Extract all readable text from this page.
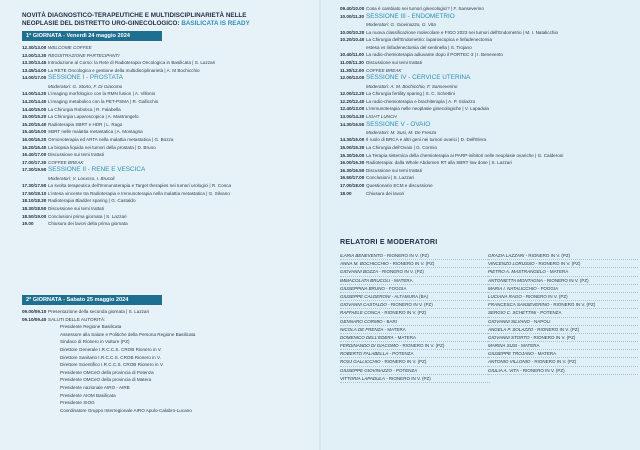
NOVITÀ DIAGNOSTICO-TERAPEUTICHE E MULTIDISCIPLINARIETÀ NELLE
NEOPLASIE DEL DISTRETTO URO-GINECOLOGICO: BASILICATA IS READY
1ª GIORNATA - Venerdì 24 maggio 2024
12.30/13.00 WELCOME COFFEE
13.00/13.30 REGISTRAZIONE PARTECIPANTI
13.30/13.45 Introduzione al Corso: la Rete di Radioterapia Oncologica in Basilicata | S. Lazzari
13.45/14.00 La RETE Oncologica e gestione della multidisciplinarietà | A. M Bochicchio
14.00/17.00 SESSIONE I - PROSTATA
Moderatori: G. Storto, F. Di Giacomo
14.00/14.20 L'imaging morfologico con la RMN fusion | A. Villonio
14.20/14.40 L'imaging metabolico con la PET-PSMA | R. Gallicchio
14.40/15.00 La Chirurgia Robotica | R. Falabella
15.00/15.20 La Chirurgia Laparoscopica | A. Mastrangelo
15.20/15.40 Radioterapia SBRT e HDR | L. Rago
15.40/16.00 SBRT nelle malattia metastatica | A. Montagna
16.00/16.20 Ormonoterapia ed ARTA nella malattia metastatica | G. Bozza
16.20/16.40 La biopsia liquida nei tumori della prostata | D. Bruno
16.40/17.00 Discussione sui temi trattati
17.00/17.30 COFFEE BREAK
17.30/19.50 SESSIONE II - RENE E VESCICA
Moderatori: V. Lorusso, I. Brucoli
17.30/17.50 La svolta terapeutica dell'Immunoterapia e Target therapies nei tumori urologici | R. Conca
17.50/18.10 L'intesa vincente tra Radioterapia e Immunoterapia nella malattia metastatica | G. Silvano
18.10/18.30 Radioterapia Bladder sparing | G. Castaldo
18.30/18.50 Discussione sui temi trattati
18.50/19.00 Conclusioni prima giornata | S. Lazzari
19.00	Chiusura dei lavori della prima giornata
2ª GIORNATA - Sabato 25 maggio 2024
09.00/09.10 Presentazione della seconda giornata | S. Lazzari
09.10/09.40 SALUTI DELLE AUTORITÀ:
Presidente Regione Basilicata
Assessore alla Salute e Politiche della Persona Regione Basilicata
Sindaco di Rionero in Vulture (PZ)
Direttore Generale I.R.C.C.S. CROB Rionero in V.
Direttore Sanitario I.R.C.C.S. CROB Rionero in V.
Direttore Scientifico I.R.C.C.S. CROB Rionero in V.
Presidente OMCeO della provincia di Potenza
Presidente OMCeO della provincia di Matera
Presidente nazionale AIRO - AIRB
Presidente AIOM Basilicata
Presidente SIOG
Coordinatore Gruppo Interregionale AIRO Apulo-Calabro-Lucano
09.40/10.00 Cosa è cambiato nei tumori ginecologici? | F. Sanseverino
10.00/11.30 SESSIONE III - ENDOMETRIO
Moderatori: G. Giovinazzo, G. Vita
10.00/10.20 La nuova classificazione molecolare e FIGO 2023 nei tumori dell'Endometrio | M. I. Natalicchio
10.20/10.40 La Chirurgia dell'Endometrio: laparoscopica e linfadenectomia
estesa vs linfadenectomia del sentinella | S. Trojano
10.40/11.00 La radio-chemioterapia adiuvante dopo il PORTEC-3 | I. Benevento
11.00/11.30 Discussione sui temi trattati
11.30/12.00 COFFEE BREAK
12.00/13.00 SESSIONE IV - CERVICE UTERINA
Moderatori: A. M. Bochicchio, F. Sanseverino
12.00/12.20 La Chirurgia fertility sparing | S. C. Schettini
12.20/12.40 La radio-chemioterapia e brachiterapia | A. P. Solazzo
12.40/13.00 L'immunoterapia nelle neoplasie ginecologiche | V. Lapadula
13.00/14.30 LIGHT LUNCH
14.30/16.50 SESSIONE V - OVAIO
Moderatori: M. Susi, M. De Frenza
14.30/15.00 Il ruolo di BRCA e altri geni nei tumori ovarici | D. Dell'Elera
15.00/15.30 La Chirurgia dell'Ovaio | G. Cormio
15.30/16.00 La Terapia sistemica della chemioterapia ai PARP-inibitori nelle neoplasie ovariche | G. Calderoni
16.00/16.30 Radioterapia: dalla Whole Abdomen RT alla SBRT low dose | S. Lazzari
16.30/16.50 Discussione sui temi trattati
16.50/17.00 Conclusioni | S. Lazzari
17.00/18.00 Questionario ECM e discussione
18.00	Chiusura dei lavori
RELATORI E MODERATORI
ILARIA BENEVENTO - RIONERO IN V. (PZ)
ANNA M. BOCHICCHIO - RIONERO IN V. (PZ)
GIOVANNI BOZZA - RIONERO IN V. (PZ)
IMMACOLATA BRUCOLI - MATERA
GIUSEPPINA BRUNO - FOGGIA
GIUSEPPE CALDERONI - ALTAMURA (BA)
GIOVANNI CASTALDO - RIONERO IN V. (PZ)
RAFFAELE CONCA - RIONERO IN V. (PZ)
GENNARO CORMIO - BARI
NICOLA DE FRENZA - MATERA
DOMENICO DELL'EDERA - MATERA
FERDINANDO DI GIACOMO - RIONERO IN V. (PZ)
ROBERTO FALABELLA - POTENZA
ROSJ GALLICCHIO - RIONERO IN V. (PZ)
GIUSEPPE GIOVINAZZO - POTENZA
VITTORIA LAPADULA - RIONERO IN V. (PZ)
GRAZIA LAZZARI - RIONERO IN V. (PZ)
VINCENZO LORUSSO - RIONERO IN V. (PZ)
PIETRO A. MASTRANGELO - MATERA
ANTONIETTA MONTAGNA - RIONERO IN V. (PZ)
MARIA I. NATALICCHIO - FOGGIA
LUCIANA RAGO - RIONERO IN V. (PZ)
FRANCESCA SANSEVERINO - RIONERO IN V. (PZ)
SERGIO C. SCHETTINI - POTENZA
GIOVANNI SILVANO - NAPOLI
ANGELA P. SOLAZZO - RIONERO IN V. (PZ)
GIOVANNI STORTO - RIONERO IN V. (PZ)
MARINA SUSI - MATERA
GIUSEPPE TROJANO - MATERA
ANTONIO VILLONIO - RIONERO IN V. (PZ)
GIULIA A. VITA - RIONERO IN V. (PZ)
